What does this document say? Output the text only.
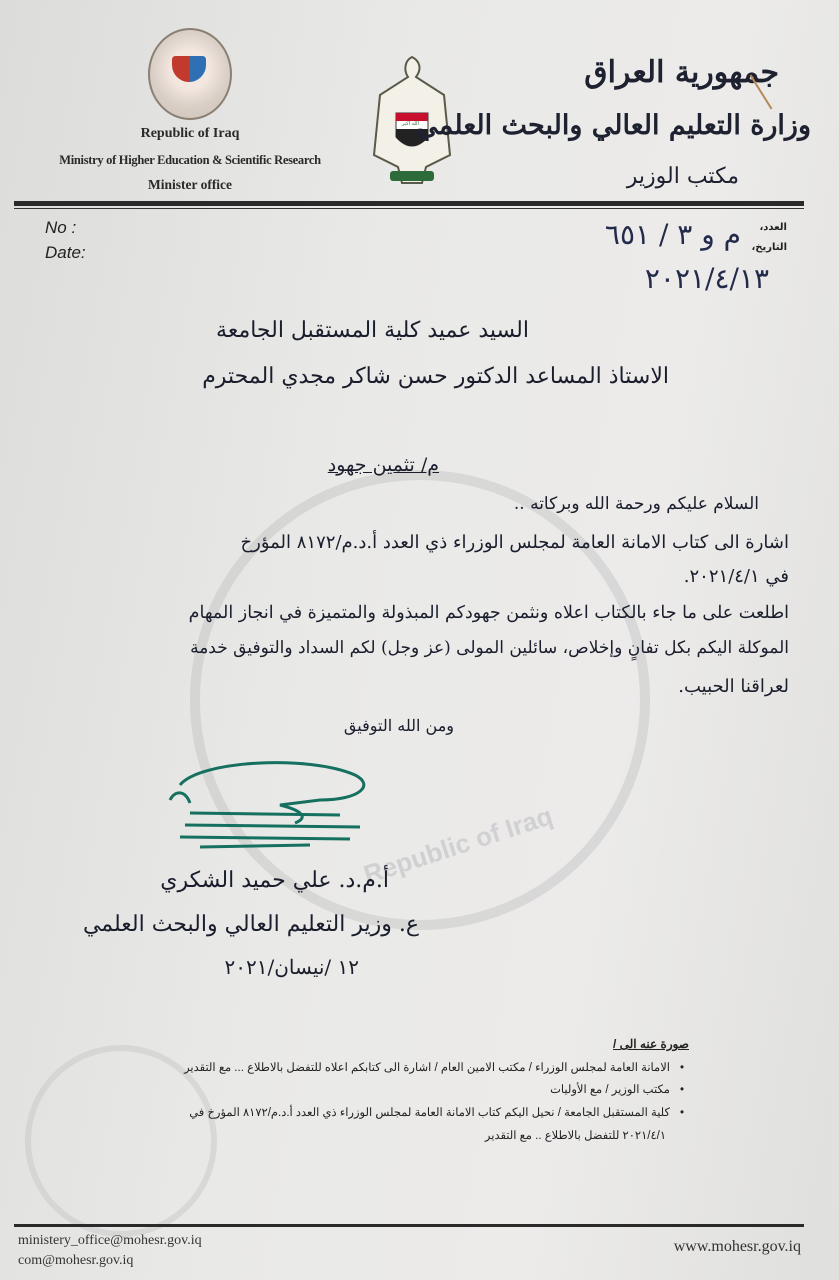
Republic of Iraq
Republic of Iraq
Ministry of Higher Education & Scientific Research
Minister office
الله أكبر
جمهورية العراق
وزارة التعليم العالي والبحث العلمي
مكتب الوزير
No :
Date:
العدد،
التاريخ،
م و ٣ / ٦٥١
٢٠٢١/٤/١٣
السيد عميد كلية المستقبل الجامعة
الاستاذ المساعد الدكتور حسن شاكر مجدي المحترم
م/ تثمين جهود
السلام عليكم ورحمة الله وبركاته ..
اشارة الى كتاب الامانة العامة لمجلس الوزراء ذي العدد أ.د.م/٨١٧٢ المؤرخ
في ٢٠٢١/٤/١.
اطلعت على ما جاء بالكتاب اعلاه ونثمن جهودكم المبذولة والمتميزة في انجاز المهام
الموكلة اليكم بكل تفانٍ وإخلاص، سائلين المولى (عز وجل) لكم السداد والتوفيق خدمة
لعراقنا الحبيب.
ومن الله التوفيق
أ.م.د. علي حميد الشكري
ع. وزير التعليم العالي والبحث العلمي
١٢ /نيسان/٢٠٢١
صورة عنه الى /
• الامانة العامة لمجلس الوزراء / مكتب الامين العام / اشارة الى كتابكم اعلاه للتفضل بالاطلاع ... مع التقدير
• مكتب الوزير / مع الأوليات
• كلية المستقبل الجامعة / نحيل اليكم كتاب الامانة العامة لمجلس الوزراء ذي العدد أ.د.م/٨١٧٢ المؤرخ في
٢٠٢١/٤/١ للتفضل بالاطلاع .. مع التقدير
ministery_office@mohesr.gov.iq
com@mohesr.gov.iq
www.mohesr.gov.iq
